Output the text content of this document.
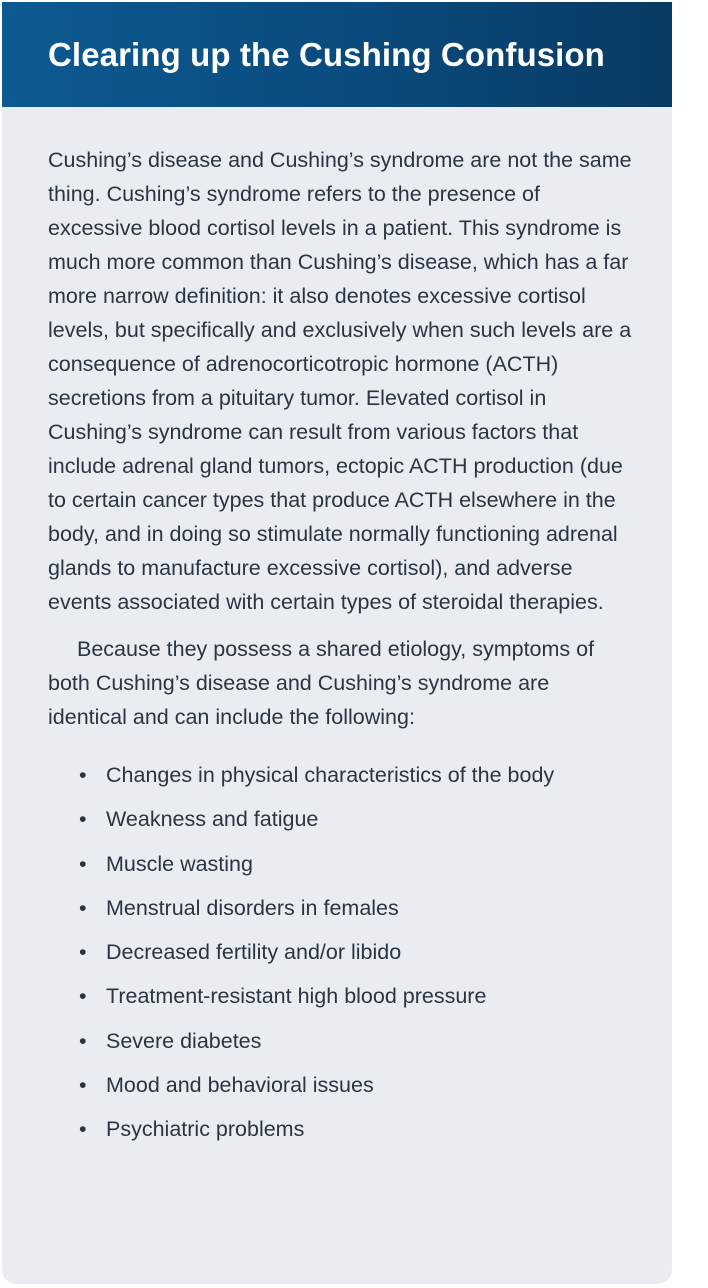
Clearing up the Cushing Confusion

Cushing’s disease and Cushing’s syndrome are not the same thing. Cushing’s syndrome refers to the presence of excessive blood cortisol levels in a patient. This syndrome is much more common than Cushing’s disease, which has a far more narrow definition: it also denotes excessive cortisol levels, but specifically and exclusively when such levels are a consequence of adrenocorticotropic hormone (ACTH) secretions from a pituitary tumor. Elevated cortisol in Cushing’s syndrome can result from various factors that include adrenal gland tumors, ectopic ACTH production (due to certain cancer types that produce ACTH elsewhere in the body, and in doing so stimulate normally functioning adrenal glands to manufacture excessive cortisol), and adverse events associated with certain types of steroidal therapies.

Because they possess a shared etiology, symptoms of both Cushing’s disease and Cushing’s syndrome are identical and can include the following:

• Changes in physical characteristics of the body
• Weakness and fatigue
• Muscle wasting
• Menstrual disorders in females
• Decreased fertility and/or libido
• Treatment-resistant high blood pressure
• Severe diabetes
• Mood and behavioral issues
• Psychiatric problems
